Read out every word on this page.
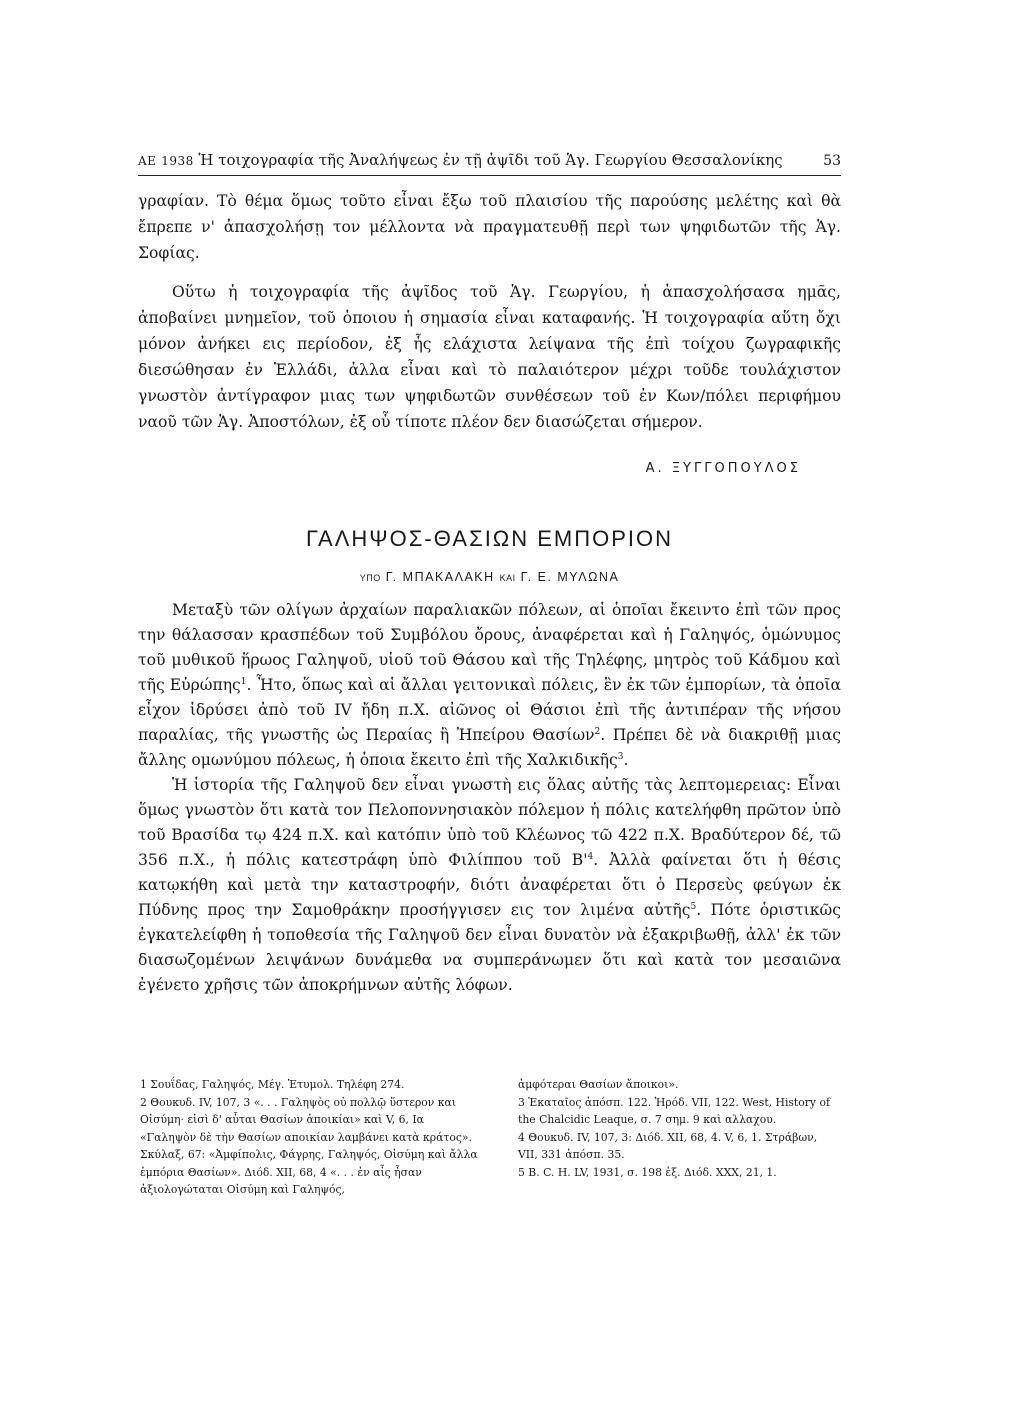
ΑΕ 1938 Ἡ τοιχογραφία τῆς Ἀναλήψεως ἐν τῇ ἀψῖδι τοῦ Ἁγ. Γεωργίου Θεσσαλονίκης	53

γραφίαν. Τὸ θέμα ὅμως τοῦτο εἶναι ἔξω τοῦ πλαισίου τῆς παρούσης μελέτης καὶ θὰ ἔπρεπε ν' ἀπασχολήσῃ τον μέλλοντα νὰ πραγματευθῇ περὶ των ψηφιδωτῶν τῆς Ἁγ. Σοφίας.

Οὕτω ἡ τοιχογραφία τῆς ἀψῖδος τοῦ Ἁγ. Γεωργίου, ἡ ἀπασχολήσασα ημᾶς, ἀποβαίνει μνημεῖον, τοῦ ὁποιου ἡ σημασία εἶναι καταφανής. Ἡ τοιχογραφία αὕτη ὄχι μόνον ἀνήκει εις περίοδον, ἐξ ἧς ελάχιστα λείψανα τῆς ἐπὶ τοίχου ζωγραφικῆς διεσώθησαν ἐν Ἑλλάδι, ἀλλα εἶναι καὶ τὸ παλαιότερον μέχρι τοῦδε τουλάχιστον γνωστὸν ἀντίγραφον μιας των ψηφιδωτῶν συνθέσεων τοῦ ἐν Κων/πόλει περιφήμου ναοῦ τῶν Ἁγ. Ἀποστόλων, ἐξ οὗ τίποτε πλέον δεν διασώζεται σήμερον.

Α. ΞΥΓΓΟΠΟΥΛΟΣ
ΓΑΛΗΨΟΣ-ΘΑΣΙΩΝ ΕΜΠΟΡΙΟΝ
ΥΠΟ Γ. ΜΠΑΚΑΛΑΚΗ ΚΑΙ Γ. Ε. ΜΥΛΩΝΑ

Μεταξὺ τῶν ολίγων ἀρχαίων παραλιακῶν πόλεων, αἱ ὁποῖαι ἔκειντο ἐπὶ τῶν προς την θάλασσαν κρασπέδων τοῦ Συμβόλου ὄρους, ἀναφέρεται καὶ ἡ Γαληψός, ὁμώνυμος τοῦ μυθικοῦ ἥρωος Γαληψοῦ, υἱοῦ τοῦ Θάσου καὶ τῆς Τηλέφης, μητρὸς τοῦ Κάδμου καὶ τῆς Εὐρώπης$^1$. Ἦτο, ὅπως καὶ αἱ ἄλλαι γειτονικαὶ πόλεις, ἓν ἐκ τῶν ἐμπορίων, τὰ ὁποῖα εἶχον ἱδρύσει ἀπὸ τοῦ IV ἤδη π.Χ. αἰῶνος οἱ Θάσιοι ἐπὶ τῆς ἀντιπέραν τῆς νήσου παραλίας, τῆς γνωστῆς ὡς Περαίας ἢ Ἠπείρου Θασίων$^2$. Πρέπει δὲ νὰ διακριθῇ μιας ἄλλης ομωνύμου πόλεως, ἡ ὁποια ἔκειτο ἐπὶ τῆς Χαλκιδικῆς$^3$.

Ἡ ἱστορία τῆς Γαληψοῦ δεν εἶναι γνωστὴ εις ὅλας αὐτῆς τὰς λεπτομερειας: Εἶναι ὅμως γνωστὸν ὅτι κατὰ τον Πελοποννησιακὸν πόλεμον ἡ πόλις κατελήφθη πρῶτον ὑπὸ τοῦ Βρασίδα τῳ 424 π.Χ. καὶ κατόπιν ὑπὸ τοῦ Κλέωνος τῶ 422 π.Χ. Βραδύτερον δέ, τῶ 356 π.Χ., ἡ πόλις κατεστράφη ὑπὸ Φιλίππου τοῦ $B'^4$. Ἀλλὰ φαίνεται ὅτι ἡ θέσις κατῳκήθη καὶ μετὰ την καταστροφήν, διότι ἀναφέρεται ὅτι ὁ Περσεὺς φεύγων ἐκ Πύδνης προς την Σαμοθράκην προσήγγισεν εις τον λιμένα αὐτῆς$^5$. Πότε ὁριστικῶς ἐγκατελείφθη ἡ τοποθεσία τῆς Γαληψοῦ δεν εἶναι δυνατὸν νὰ ἐξακριβωθῇ, ἀλλ' ἐκ τῶν διασωζομένων λειψάνων δυνάμεθα να συμπεράνωμεν ὅτι καὶ κατὰ τον μεσαιῶνα ἐγένετο χρῆσις τῶν ἀποκρήμνων αὐτῆς λόφων.

1 Σουΐδας, Γαληψός, Μέγ. Ἐτυμολ. Τηλέφη 274.

2 Θουκυδ. IV, 107, 3 «. . . Γαληψὸς οὐ πολλῷ ὕστερον και Οἰσύμη· εἰσὶ δ' αὗται Θασίων ἀποικίαι» καὶ V, 6, Ια «Γαληψὸν δὲ τὴν Θασίων αποικίαν λαμβάνει κατὰ κράτος». Σκύλαξ, 67: «Ἀμφίπολις, Φάγρης, Γαληψός, Οἰσύμη καὶ ἄλλα ἐμπόρια Θασίων». Διόδ. XII, 68, 4 «. . . ἐν αἷς ἦσαν ἀξιολογώταται Οἰσύμη καὶ Γαληψός,

ἀμφότεραι Θασίων ἄποικοι».

3 Ἑκαταῖος ἀπόσπ. 122. Ἡρόδ. VII, 122. West, History of the Chalcidic Leaque, σ. 7 σημ. 9 καὶ αλλαχου.

4 Θουκυδ. IV, 107, 3: Διόδ. XII, 68, 4. V, 6, 1. Στράβων, VII, 331 ἀπόσπ. 35.

5 B. C. H. LV, 1931, σ. 198 ἑξ. Διόδ. XXX, 21, 1.
